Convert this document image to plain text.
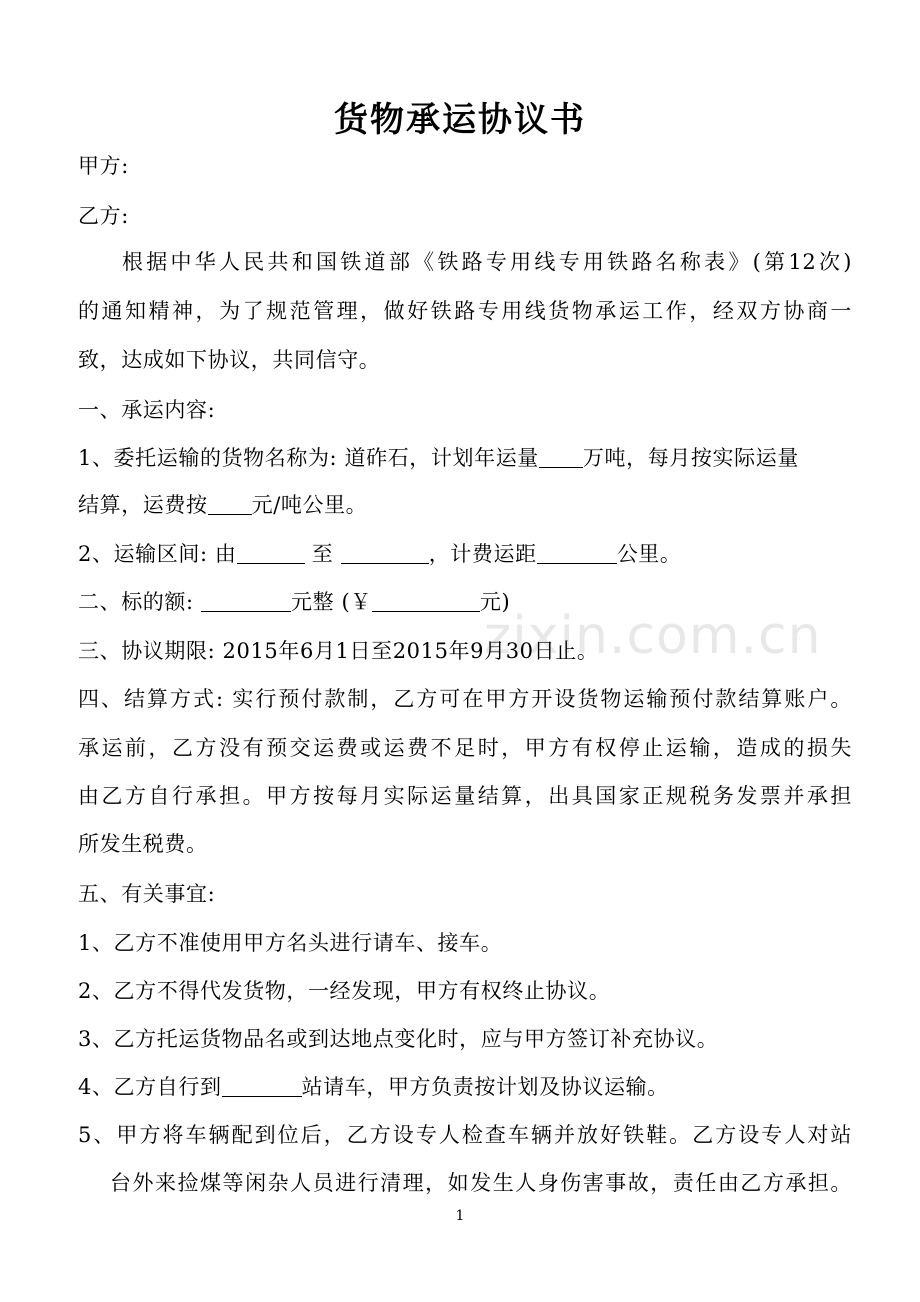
货物承运协议书
甲方:
乙方:
根据中华人民共和国铁道部《铁路专用线专用铁路名称表》(第12次)
的通知精神，为了规范管理，做好铁路专用线货物承运工作，经双方协商一
致，达成如下协议，共同信守。
一、承运内容:
1、委托运输的货物名称为: 道砟石，计划年运量 万吨，每月按实际运量
结算，运费按 元/吨公里。
2、运输区间: 由	至	，计费运距	公里。
二、标的额:	元整 (￥	元)
三、协议期限: 2015年6月1日至2015年9月30日止。
四、结算方式: 实行预付款制，乙方可在甲方开设货物运输预付款结算账户。
承运前，乙方没有预交运费或运费不足时，甲方有权停止运输，造成的损失
由乙方自行承担。甲方按每月实际运量结算，出具国家正规税务发票并承担
所发生税费。
五、有关事宜:
1、乙方不准使用甲方名头进行请车、接车。
2、乙方不得代发货物，一经发现，甲方有权终止协议。
3、乙方托运货物品名或到达地点变化时，应与甲方签订补充协议。
4、乙方自行到	站请车，甲方负责按计划及协议运输。
5、甲方将车辆配到位后，乙方设专人检查车辆并放好铁鞋。乙方设专人对站
台外来捡煤等闲杂人员进行清理，如发生人身伤害事故，责任由乙方承担。
zixin.com.cn
1
